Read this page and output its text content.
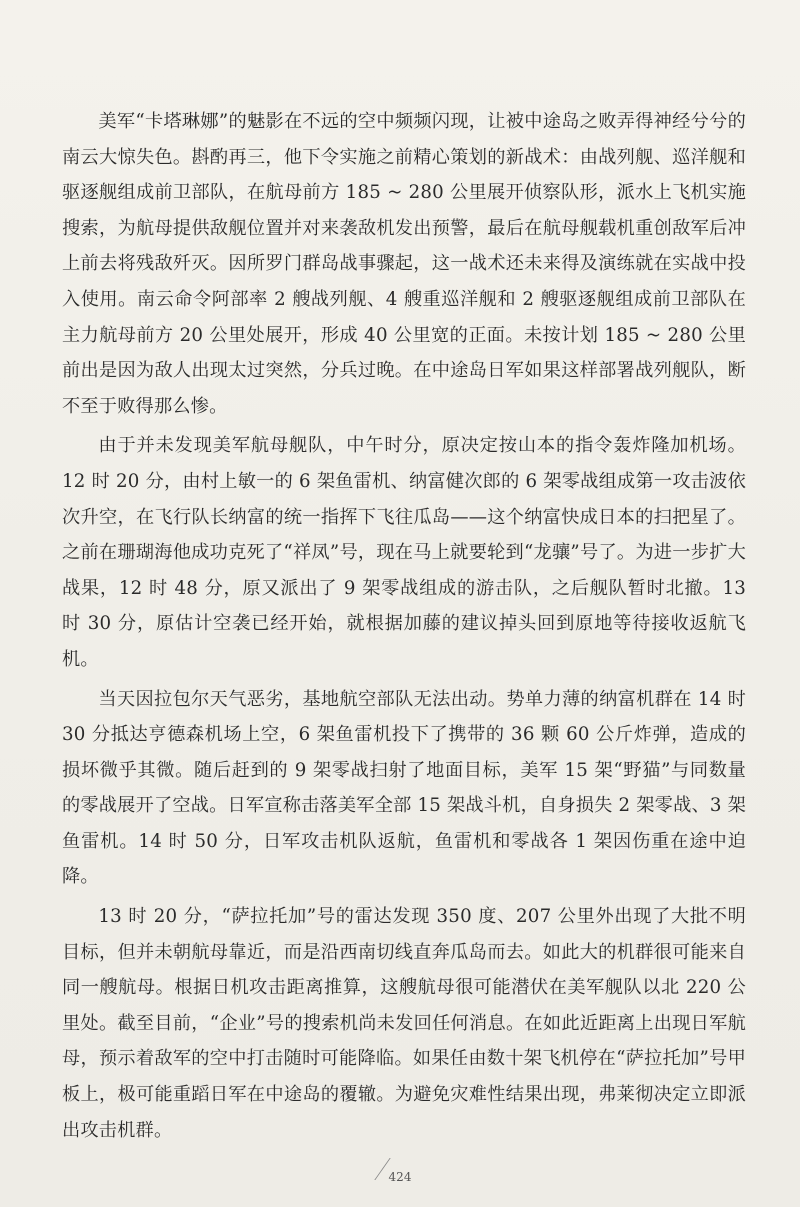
美军“卡塔琳娜”的魅影在不远的空中频频闪现，让被中途岛之败弄得神经兮兮的南云大惊失色。斟酌再三，他下令实施之前精心策划的新战术：由战列舰、巡洋舰和驱逐舰组成前卫部队，在航母前方 185 ~ 280 公里展开侦察队形，派水上飞机实施搜索，为航母提供敌舰位置并对来袭敌机发出预警，最后在航母舰载机重创敌军后冲上前去将残敌歼灭。因所罗门群岛战事骤起，这一战术还未来得及演练就在实战中投入使用。南云命令阿部率 2 艘战列舰、4 艘重巡洋舰和 2 艘驱逐舰组成前卫部队在主力航母前方 20 公里处展开，形成 40 公里宽的正面。未按计划 185 ~ 280 公里前出是因为敌人出现太过突然，分兵过晚。在中途岛日军如果这样部署战列舰队，断不至于败得那么惨。

由于并未发现美军航母舰队，中午时分，原决定按山本的指令轰炸隆加机场。12 时 20 分，由村上敏一的 6 架鱼雷机、纳富健次郎的 6 架零战组成第一攻击波依次升空，在飞行队长纳富的统一指挥下飞往瓜岛——这个纳富快成日本的扫把星了。之前在珊瑚海他成功克死了“祥凤”号，现在马上就要轮到“龙骧”号了。为进一步扩大战果，12 时 48 分，原又派出了 9 架零战组成的游击队，之后舰队暂时北撤。13 时 30 分，原估计空袭已经开始，就根据加藤的建议掉头回到原地等待接收返航飞机。

当天因拉包尔天气恶劣，基地航空部队无法出动。势单力薄的纳富机群在 14 时 30 分抵达亨德森机场上空，6 架鱼雷机投下了携带的 36 颗 60 公斤炸弹，造成的损坏微乎其微。随后赶到的 9 架零战扫射了地面目标，美军 15 架“野猫”与同数量的零战展开了空战。日军宣称击落美军全部 15 架战斗机，自身损失 2 架零战、3 架鱼雷机。14 时 50 分，日军攻击机队返航，鱼雷机和零战各 1 架因伤重在途中迫降。

13 时 20 分，“萨拉托加”号的雷达发现 350 度、207 公里外出现了大批不明目标，但并未朝航母靠近，而是沿西南切线直奔瓜岛而去。如此大的机群很可能来自同一艘航母。根据日机攻击距离推算，这艘航母很可能潜伏在美军舰队以北 220 公里处。截至目前，“企业”号的搜索机尚未发回任何消息。在如此近距离上出现日军航母，预示着敌军的空中打击随时可能降临。如果任由数十架飞机停在“萨拉托加”号甲板上，极可能重蹈日军在中途岛的覆辙。为避免灾难性结果出现，弗莱彻决定立即派出攻击机群。

424
